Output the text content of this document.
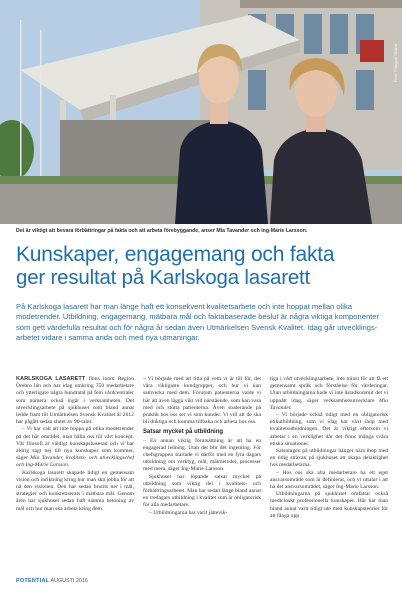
Foto: Fotograf Okänd
Det är viktigt att bevara förbättringar på fakta och att arbeta förebyggande, anser Mia Tavander och Ing-Marie Larsson.
Kunskaper, engagemang och fakta
ger resultat på Karlskoga lasarett
På Karlskoga lasarett har man länge haft ett konsekvent kvalitetsarbete och inte hoppat mellan olika modetrender. Utbildning, engagemang, mätbara mål och faktabaserade beslut är några viktiga komponenter som gett värdefulla resultat och för några år sedan även Utmärkelsen Svensk Kvalitet. Idag går utvecklings-arbetet vidare i samma anda och med nya utmaningar.

KARLSKOGA LASARETT finns inom Region Örebro län och har idag omkring 750 medarbetare och ytterligare några hundratal på fem vårdcentraler som numera också ingår i verksamheten. Det utvecklingsarbete på sjukhuset som bland annat ledde fram till Utmärkelsen Svensk Kvalitet år 2012 har pågått sedan slutet av 90-talet.

– Vi har valt att inte hoppa på olika modetrender på det här området, utan hålla oss till vårt koncept. Vår filosofi är väldigt kunskapsbaserad och vi har aldrig sagt nej till nya kunskaper som kommer, säger Mia Tavander, kvalitets- och utvecklingschef och Ing-Marie Larsson.

Karlskoga lasarett skapade tidigt en gemensam vision och inriktning kring hur man ska jobba för att nå den visionen. Den har sedan brutits ner i mål, strategier och konkretiserats i mätbara mål. Genom åren har sjukhuset sedan haft samma betoning av mål och hur man ska arbeta kring dem.

– Vi började med att titta på vem vi är till för, det våra viktigaste kundgrupper, och hur vi kan samverka med dem. Förutom patienterna valde vi här att även lägga vikt vid närstående, som kan vara med och stötta patienterna. Även studerande på praktik hos oss ser vi som kunder. Vi vill att de ska bli duktiga och komma tillbaka och arbeta hos oss.

Satsar mycket på utbildning

– En annan viktig förutsättning är att ha en engagerad ledning. Utan det blir det ingenting. För chefsgruppen startade vi därför med en fyra dagars utbildning om verktyg, mål, mätmetoder, processer med mera, säger Ing-Marie Larsson.

Sjukhuset har löpande satsat mycket på utbildning som viktig del i kvalitets- och förbättringsarbetet. Man har sedan länge bland annat en tredagars utbildning i kvalitet som är obligatorisk för alla medarbetare.

– Utbildningarna har varit jättevik-

tiga i vårt utvecklingsarbete, inte minst för att få ett gemensamt språk och förståelse för värderingar. Utan utbildningarna hade vi inte åstadkommit det vi uppnått idag, säger verksamhetsutvecklare Mia Tavander.

– Vi började också tidigt med en obligatorisk etikutbildning, som vi idag har växt ihop med kvalitetsutbildningen. Det är viktigt eftersom vi arbetar i en verklighet där det finns många svåra etiska situationer.

Satsningen på utbildningar hänger nära ihop med en tidig strävan på sjukhuset att skapa delaktighet hos medarbetarna.

– Hos oss ska alla medarbetare ha ett eget ansvarsområde som är definierat, och vi uttalar i att ha det ansvarsområdet, säger Ing-Marie Larsson.

Utbildningarna på sjukhuset omfattar också medicinskt professionella kunskaper. Här har man bland annat varit tidigt ute med kunskapsteorier för att fånga upp

POTENTIAL AUGUSTI 2016
